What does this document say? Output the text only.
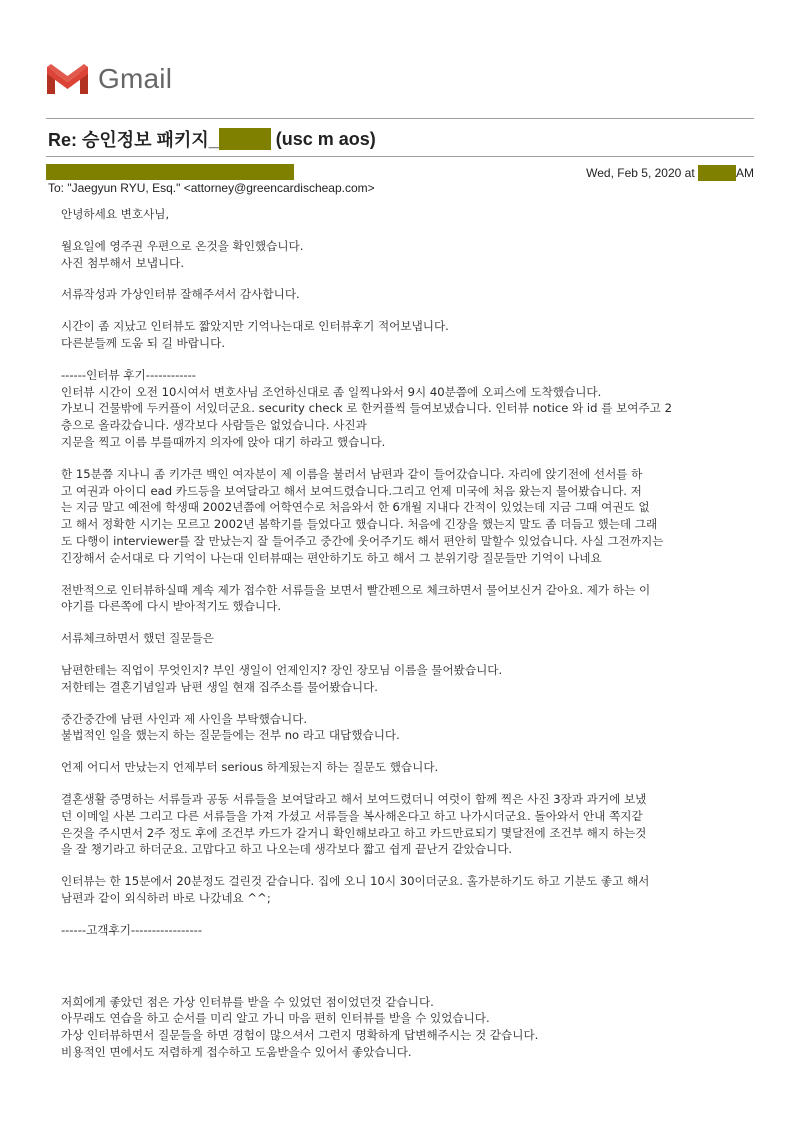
Gmail
Re: 승인정보 패키지_	(usc m aos)
Wed, Feb 5, 2020 at	AM
To: "Jaegyun RYU, Esq." <attorney@greencardischeap.com>
안녕하세요 변호사님,
월요일에 영주권 우편으로 온것을 확인했습니다.
사진 첨부해서 보냅니다.
서류작성과 가상인터뷰 잘해주셔서 감사합니다.
시간이 좀 지났고 인터뷰도 짧았지만 기억나는대로 인터뷰후기 적어보냅니다.
다른분들께 도움 되 길 바랍니다.
------인터뷰 후기------------
인터뷰 시간이 오전 10시여서 변호사님 조언하신대로 좀 일찍나와서 9시 40분쯤에 오피스에 도착했습니다.
가보니 건물밖에 두커플이 서있더군요. security check 로 한커플씩 들여보냈습니다. 인터뷰 notice 와 id 를 보여주고 2
층으로 올라갔습니다. 생각보다 사람들은 없었습니다. 사진과
지문을 찍고 이름 부를때까지 의자에 앉아 대기 하라고 했습니다.
한 15분쯤 지나니 좀 키가큰 백인 여자분이 제 이름을 불러서 남편과 같이 들어갔습니다. 자리에 앉기전에 선서를 하
고 여권과 아이디 ead 카드등을 보여달라고 해서 보여드렸습니다.그리고 언제 미국에 처음 왔는지 물어봤습니다. 저
는 지금 말고 예전에 학생때 2002년쯤에 어학연수로 처음와서 한 6개월 지내다 간적이 있었는데 지금 그때 여권도 없
고 해서 정확한 시기는 모르고 2002년 봄학기를 들었다고 했습니다. 처음에 긴장을 했는지 말도 좀 더듬고 했는데 그래
도 다행이 interviewer를 잘 만났는지 잘 들어주고 중간에 웃어주기도 해서 편안히 말할수 있었습니다. 사실 그전까지는
긴장해서 순서대로 다 기억이 나는대 인터뷰때는 편안하기도 하고 해서 그 분위기랑 질문들만 기억이 나네요
전반적으로 인터뷰하실때 계속 제가 접수한 서류들을 보면서 빨간펜으로 체크하면서 물어보신거 같아요. 제가 하는 이
야기를 다른쪽에 다시 받아적기도 했습니다.
서류체크하면서 했던 질문들은
남편한테는 직업이 무엇인지? 부인 생일이 언제인지? 장인 장모님 이름을 물어봤습니다.
저한테는 결혼기념일과 남편 생일 현재 집주소를 물어봤습니다.
중간중간에 남편 사인과 제 사인을 부탁했습니다.
불법적인 일을 했는지 하는 질문들에는 전부 no 라고 대답했습니다.
언제 어디서 만났는지 언제부터 serious 하게됬는지 하는 질문도 했습니다.
결혼생활 증명하는 서류들과 공동 서류들을 보여달라고 해서 보여드렸더니 여럿이 함께 찍은 사진 3장과 과거에 보냈
던 이메일 사본 그리고 다른 서류들을 가져 가셨고 서류들을 복사해온다고 하고 나가시더군요. 돌아와서 안내 쪽지같
은것을 주시면서 2주 정도 후에 조건부 카드가 갈거니 확인해보라고 하고 카드만료되기 몇달전에 조건부 해지 하는것
을 잘 챙기라고 하더군요. 고맙다고 하고 나오는데 생각보다 짧고 쉽게 끝난거 같았습니다.
인터뷰는 한 15분에서 20분정도 걸린것 같습니다. 집에 오니 10시 30이더군요. 홀가분하기도 하고 기분도 좋고 해서
남편과 같이 외식하러 바로 나갔네요 ^^;
------고객후기-----------------
저희에게 좋았던 점은 가상 인터뷰를 받을 수 있었던 점이었던것 같습니다.
아무래도 연습을 하고 순서를 미리 알고 가니 마음 편히 인터뷰를 받을 수 있었습니다.
가상 인터뷰하면서 질문들을 하면 경험이 많으셔서 그런지 명확하게 답변해주시는 것 같습니다.
비용적인 면에서도 저렴하게 접수하고 도움받을수 있어서 좋았습니다.
